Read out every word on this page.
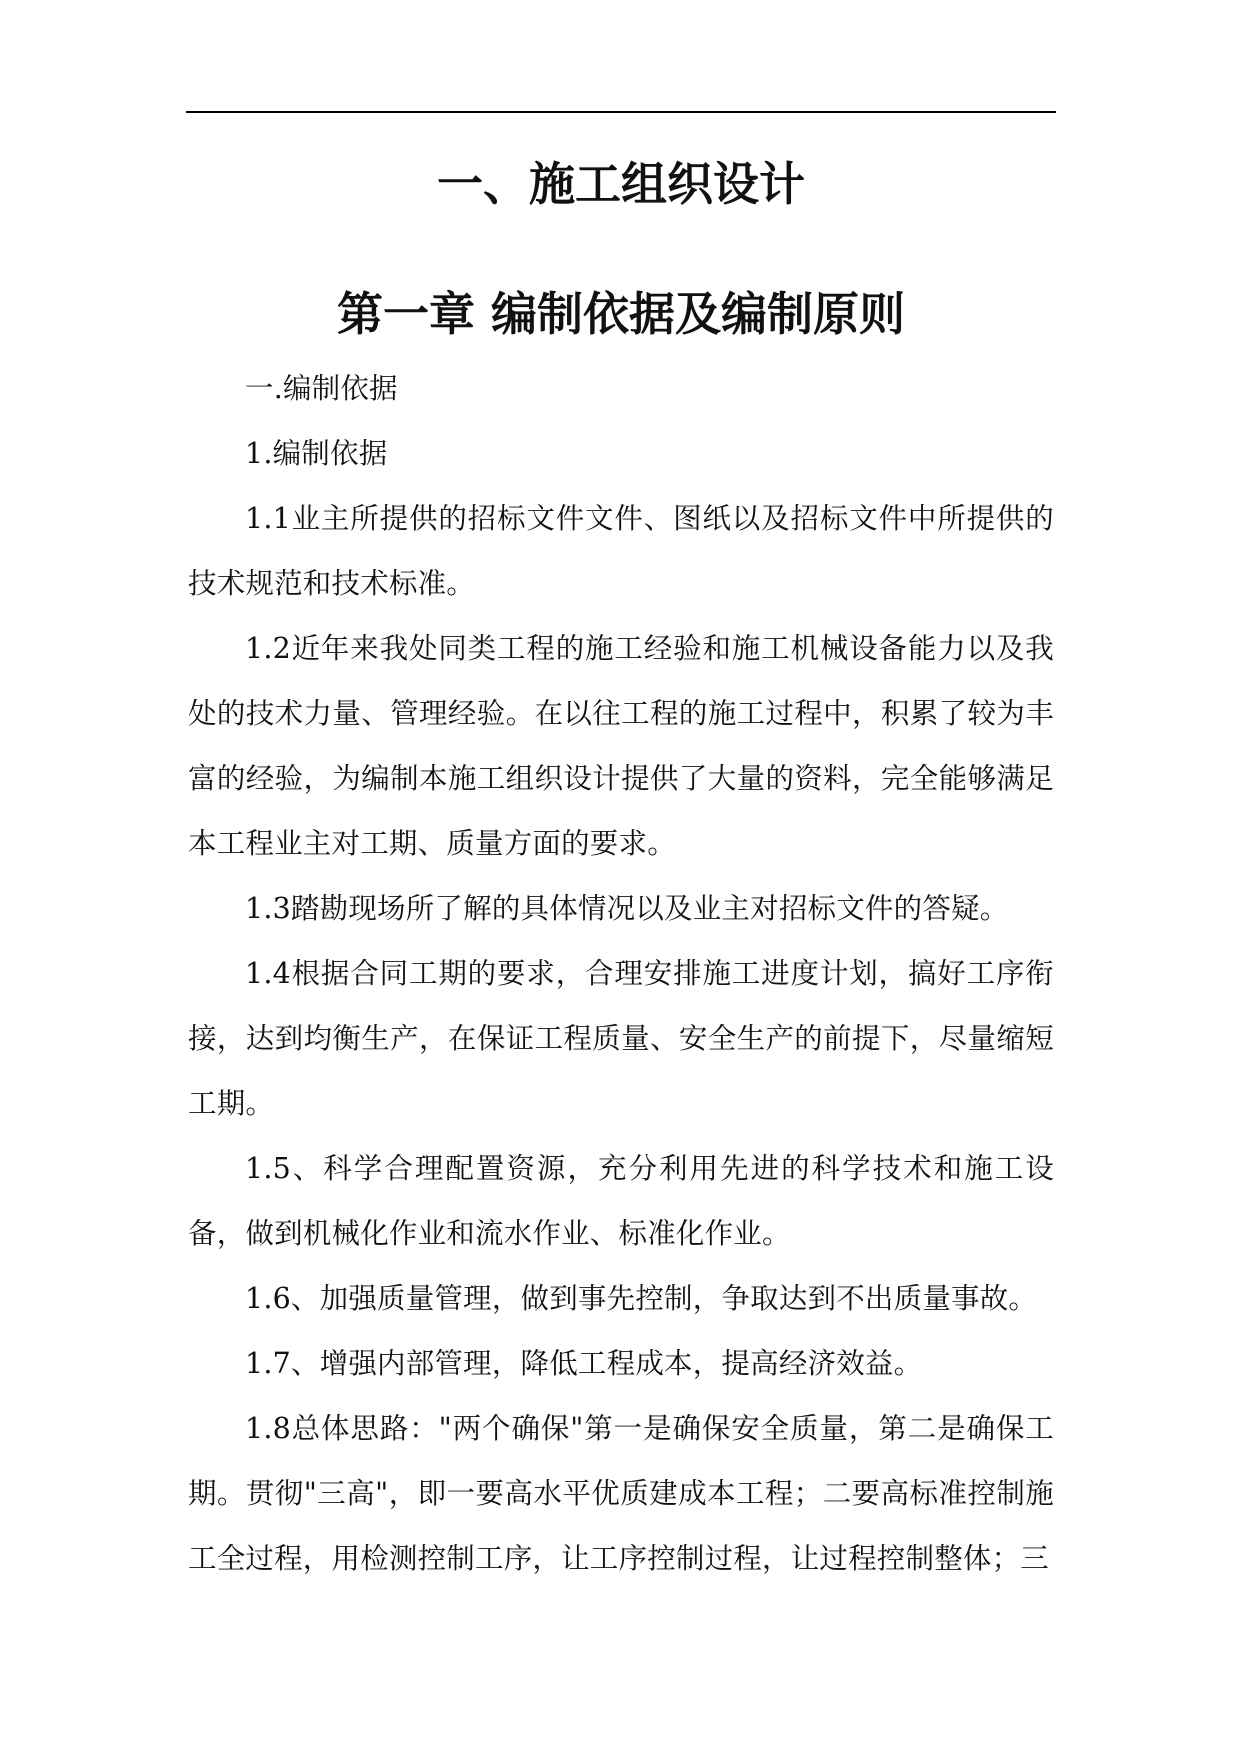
一、施工组织设计
第一章 编制依据及编制原则

一.编制依据

1.编制依据

1.1业主所提供的招标文件文件、图纸以及招标文件中所提供的技术规范和技术标准。

1.2近年来我处同类工程的施工经验和施工机械设备能力以及我处的技术力量、管理经验。在以往工程的施工过程中，积累了较为丰富的经验，为编制本施工组织设计提供了大量的资料，完全能够满足本工程业主对工期、质量方面的要求。

1.3踏勘现场所了解的具体情况以及业主对招标文件的答疑。

1.4根据合同工期的要求，合理安排施工进度计划，搞好工序衔接，达到均衡生产，在保证工程质量、安全生产的前提下，尽量缩短工期。

1.5、科学合理配置资源，充分利用先进的科学技术和施工设备，做到机械化作业和流水作业、标准化作业。

1.6、加强质量管理，做到事先控制，争取达到不出质量事故。

1.7、增强内部管理，降低工程成本，提高经济效益。

1.8总体思路："两个确保"第一是确保安全质量，第二是确保工期。贯彻"三高"，即一要高水平优质建成本工程；二要高标准控制施工全过程，用检测控制工序，让工序控制过程，让过程控制整体；三
